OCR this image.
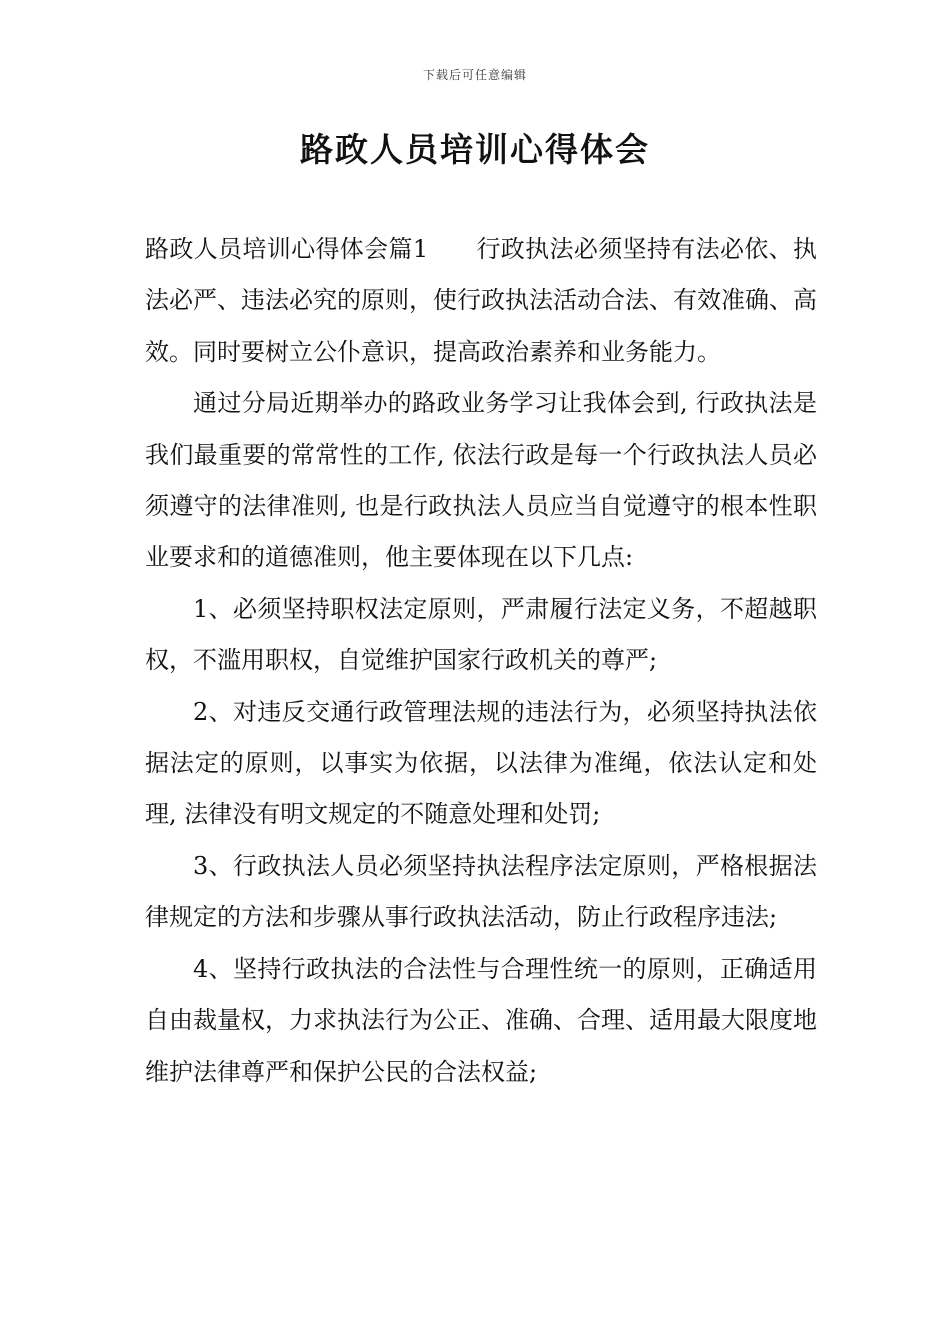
下载后可任意编辑
路政人员培训心得体会

路政人员培训心得体会篇1 行政执法必须坚持有法必依、执法必严、违法必究的原则，使行政执法活动合法、有效准确、高效。同时要树立公仆意识，提高政治素养和业务能力。

通过分局近期举办的路政业务学习让我体会到, 行政执法是我们最重要的常常性的工作, 依法行政是每一个行政执法人员必须遵守的法律准则, 也是行政执法人员应当自觉遵守的根本性职业要求和的道德准则，他主要体现在以下几点:

1、必须坚持职权法定原则，严肃履行法定义务，不超越职权，不滥用职权，自觉维护国家行政机关的尊严;

2、对违反交通行政管理法规的违法行为，必须坚持执法依据法定的原则，以事实为依据，以法律为准绳，依法认定和处理, 法律没有明文规定的不随意处理和处罚;

3、行政执法人员必须坚持执法程序法定原则，严格根据法律规定的方法和步骤从事行政执法活动，防止行政程序违法;

4、坚持行政执法的合法性与合理性统一的原则，正确适用自由裁量权，力求执法行为公正、准确、合理、适用最大限度地维护法律尊严和保护公民的合法权益;
